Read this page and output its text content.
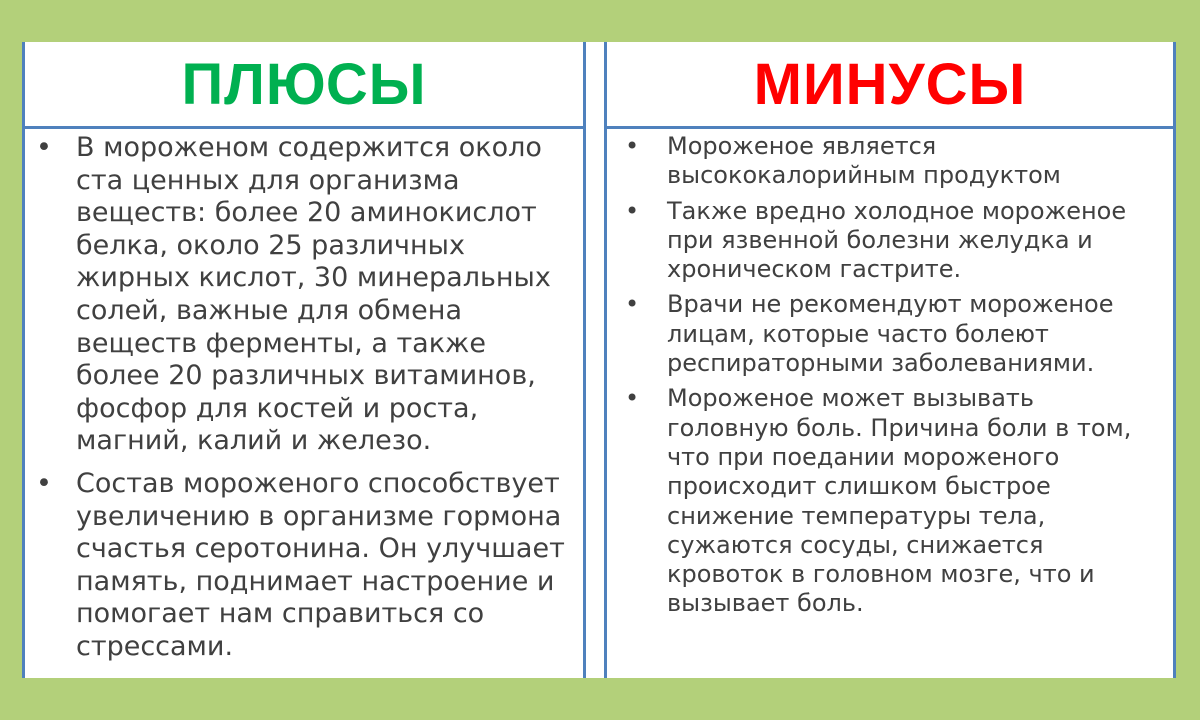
ПЛЮСЫ	МИНУСЫ
• В мороженом содержится около ста ценных для организма веществ: более 20 аминокислот белка, около 25 различных жирных кислот, 30 минеральных солей, важные для обмена веществ ферменты, а также более 20 различных витаминов, фосфор для костей и роста, магний, калий и железо.
• Состав мороженого способствует увеличению в организме гормона счастья серотонина. Он улучшает память, поднимает настроение и помогает нам справиться со стрессами.
• Мороженое является высококалорийным продуктом
• Также вредно холодное мороженое при язвенной болезни желудка и хроническом гастрите.
• Врачи не рекомендуют мороженое лицам, которые часто болеют респираторными заболеваниями.
• Мороженое может вызывать головную боль. Причина боли в том, что при поедании мороженого происходит слишком быстрое снижение температуры тела, сужаются сосуды, снижается кровоток в головном мозге, что и вызывает боль.
